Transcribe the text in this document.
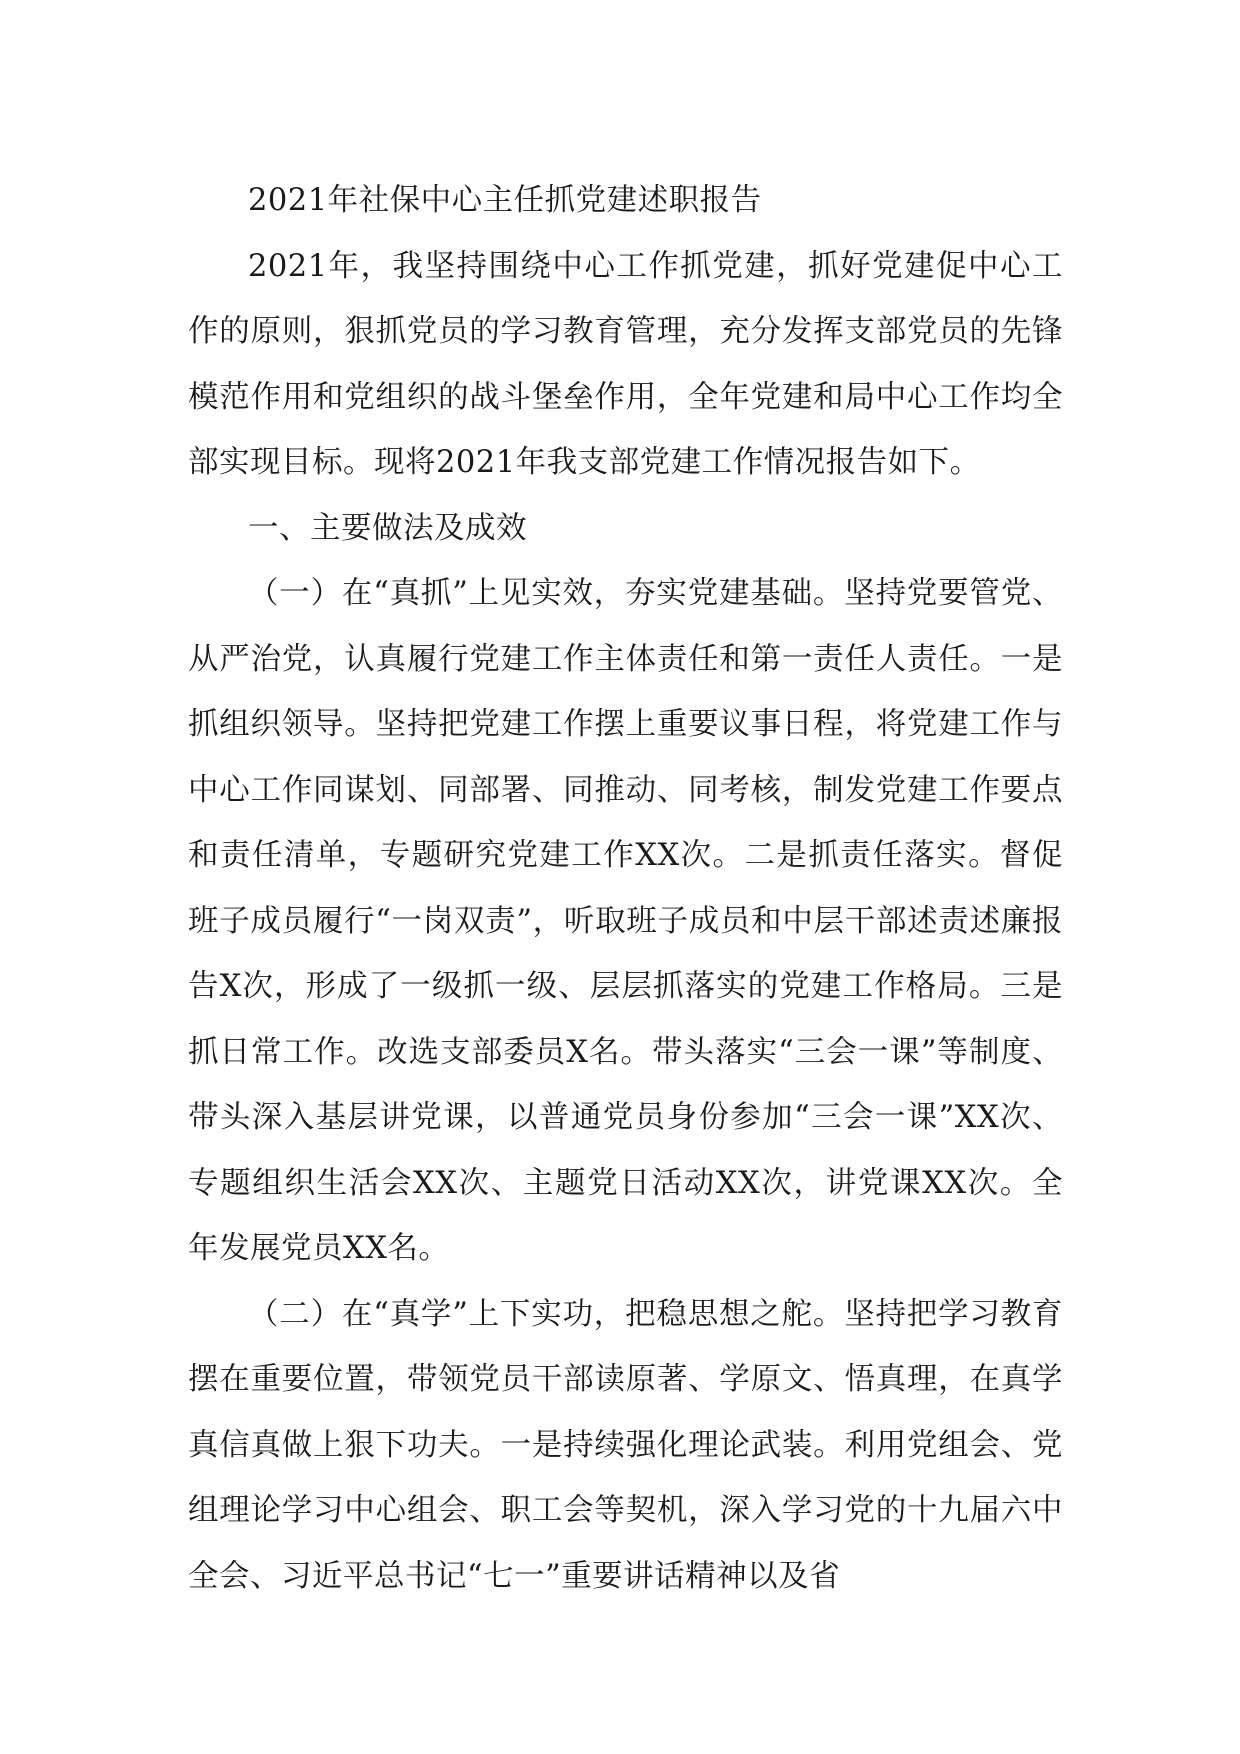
2021年社保中心主任抓党建述职报告

2021年，我坚持围绕中心工作抓党建，抓好党建促中心工作的原则，狠抓党员的学习教育管理，充分发挥支部党员的先锋模范作用和党组织的战斗堡垒作用，全年党建和局中心工作均全部实现目标。现将2021年我支部党建工作情况报告如下。

一、主要做法及成效

（一）在“真抓”上见实效，夯实党建基础。坚持党要管党、从严治党，认真履行党建工作主体责任和第一责任人责任。一是抓组织领导。坚持把党建工作摆上重要议事日程，将党建工作与中心工作同谋划、同部署、同推动、同考核，制发党建工作要点和责任清单，专题研究党建工作XX次。二是抓责任落实。督促班子成员履行“一岗双责”，听取班子成员和中层干部述责述廉报告X次，形成了一级抓一级、层层抓落实的党建工作格局。三是抓日常工作。改选支部委员X名。带头落实“三会一课”等制度、带头深入基层讲党课，以普通党员身份参加“三会一课”XX次、专题组织生活会XX次、主题党日活动XX次，讲党课XX次。全年发展党员XX名。

（二）在“真学”上下实功，把稳思想之舵。坚持把学习教育摆在重要位置，带领党员干部读原著、学原文、悟真理，在真学真信真做上狠下功夫。一是持续强化理论武装。利用党组会、党组理论学习中心组会、职工会等契机，深入学习党的十九届六中全会、习近平总书记“七一”重要讲话精神以及省
